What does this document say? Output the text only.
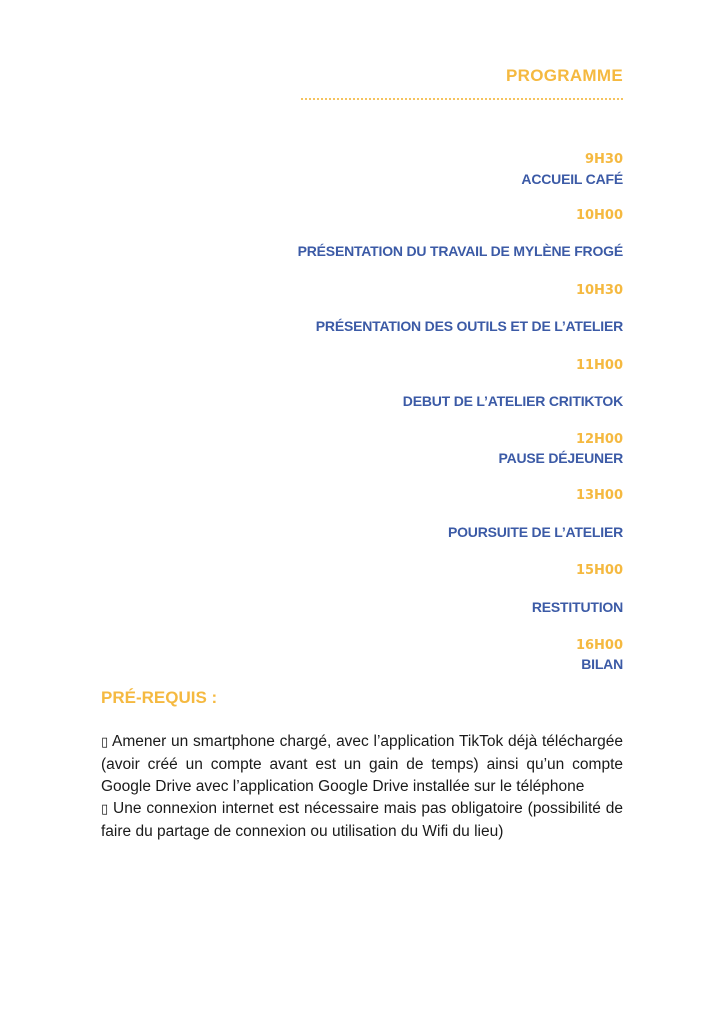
PROGRAMME
9H30
ACCUEIL CAFÉ
10H00
PRÉSENTATION DU TRAVAIL DE MYLÈNE FROGÉ
10H30
PRÉSENTATION DES OUTILS ET DE L’ATELIER
11H00
DEBUT DE L’ATELIER CRITIKTOK
12H00
PAUSE DÉJEUNER
13H00
POURSUITE DE L’ATELIER
15H00
RESTITUTION
16H00
BILAN
PRÉ-REQUIS :

▯ Amener un smartphone chargé, avec l’application TikTok déjà téléchargée (avoir créé un compte avant est un gain de temps) ainsi qu’un compte Google Drive avec l’application Google Drive installée sur le téléphone

▯ Une connexion internet est nécessaire mais pas obligatoire (possibilité de faire du partage de connexion ou utilisation du Wifi du lieu)
